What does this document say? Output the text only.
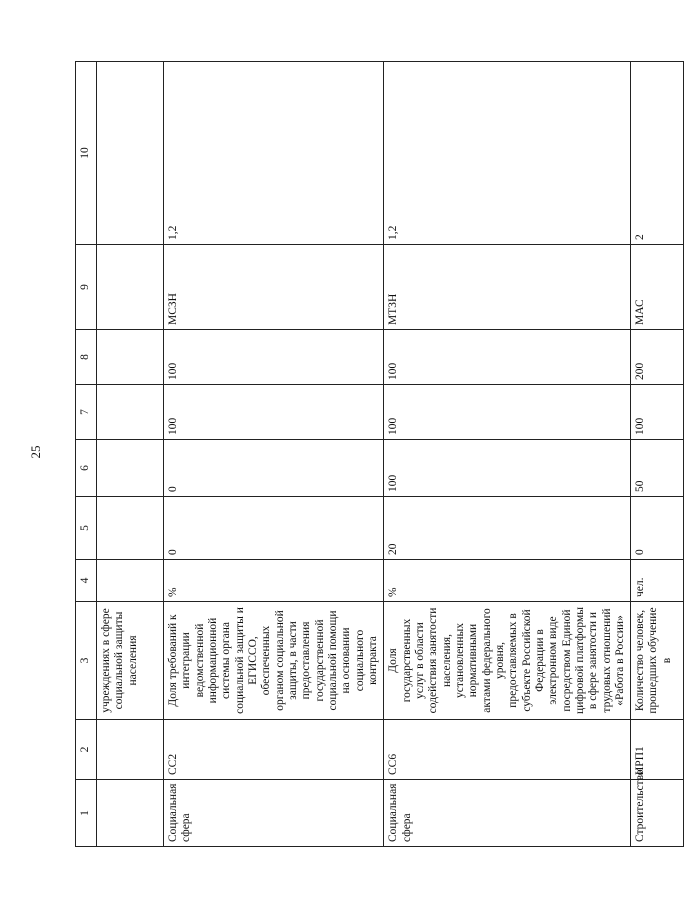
25
1	2	3	4	5	6	7	8	9	10
		учреждениях в сфере социальной защиты населения							
Социальная сфера	СС2	Доля требований к интеграции ведомственной информационной системы органа социальной защиты и ЕГИССО, обеспеченных органом социальной защиты, в части предоставления государственной социальной помощи на основании социального контракта	%	0	0	100	100	МСЗН	1,2
Социальная сфера	СС6	Доля государственных услуг в области содействия занятости населения, установленных нормативными актами федерального уровня, предоставляемых в субъекте Российской Федерации в электронном виде посредством Единой цифровой платформы в сфере занятости и трудовых отношений «Работа в России»	%	20	100	100	100	МТЗН	1,2
Строительство	ИРП1	Количество человек, прошедших обучение в	чел.	0	50	100	200	МАС	2
